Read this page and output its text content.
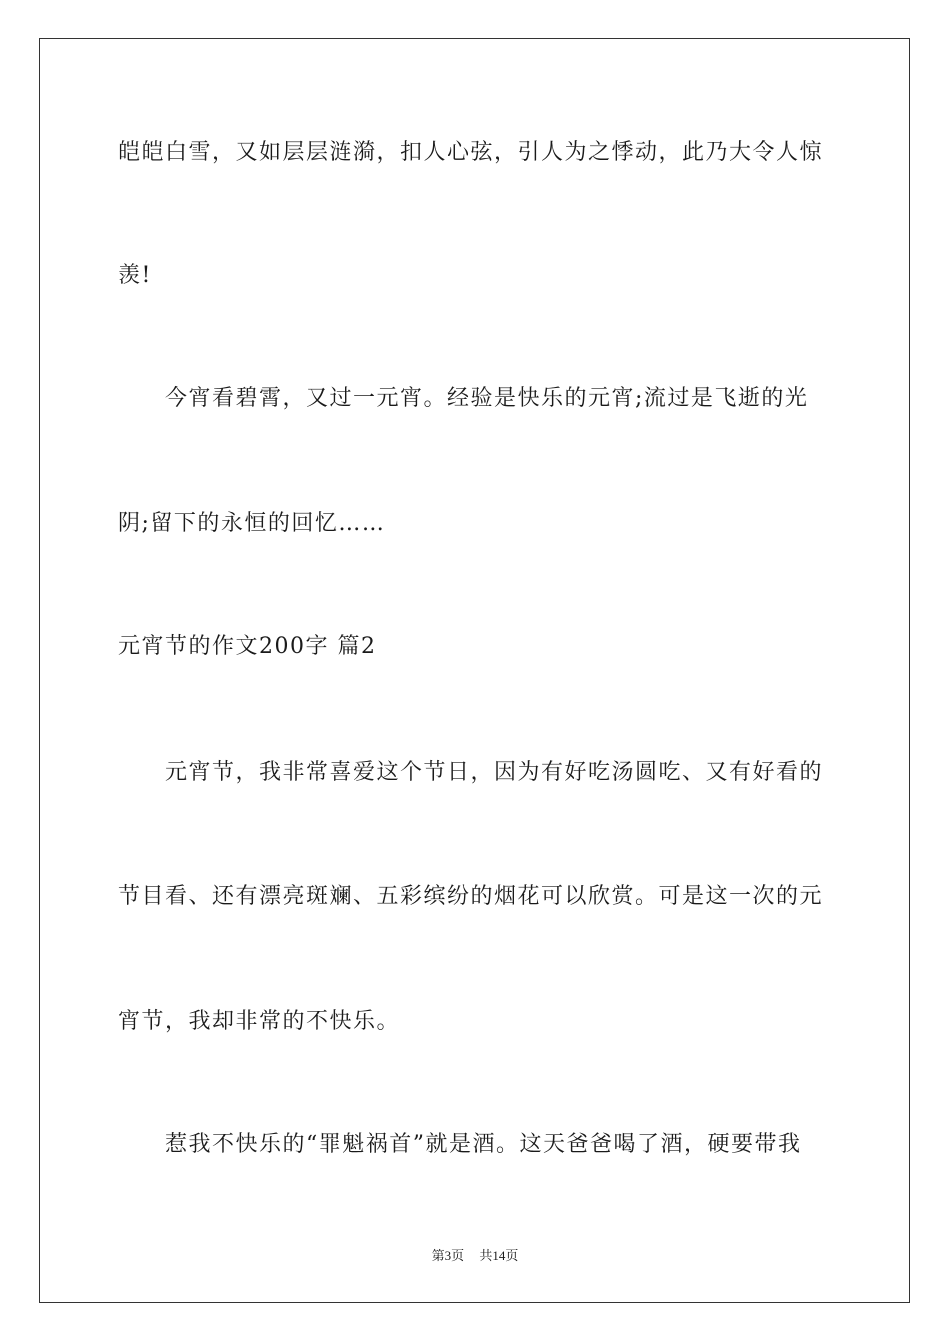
皑皑白雪，又如层层涟漪，扣人心弦，引人为之悸动，此乃大令人惊
羡!
今宵看碧霄，又过一元宵。经验是快乐的元宵;流过是飞逝的光
阴;留下的永恒的回忆……
元宵节的作文200字 篇2
元宵节，我非常喜爱这个节日，因为有好吃汤圆吃、又有好看的
节目看、还有漂亮斑斓、五彩缤纷的烟花可以欣赏。可是这一次的元
宵节，我却非常的不快乐。
惹我不快乐的“罪魁祸首”就是酒。这天爸爸喝了酒，硬要带我
第3页 共14页
